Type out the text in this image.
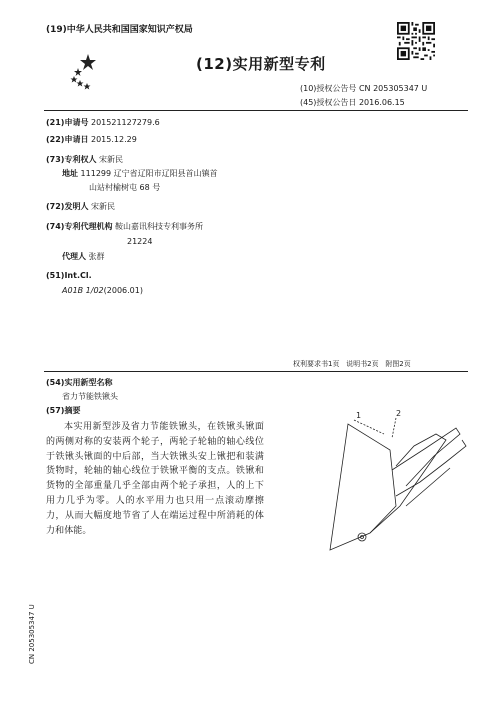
(19)中华人民共和国国家知识产权局
(12)实用新型专利
(10)授权公告号 CN 205305347 U
(45)授权公告日 2016.06.15
(21)申请号 201521127279.6
(22)申请日 2015.12.29
(73)专利权人 宋新民
地址 111299 辽宁省辽阳市辽阳县首山镇首
山站村榆树屯 68 号
(72)发明人 宋新民
(74)专利代理机构 鞍山嘉讯科技专利事务所
21224
代理人 张群
(51)Int.Cl.
A01B 1/02(2006.01)
权利要求书1页 说明书2页 附图2页
(54)实用新型名称
省力节能铁锹头
(57)摘要
本实用新型涉及省力节能铁锹头，在铁锹头锹面的两侧对称的安装两个轮子，两轮子轮轴的轴心线位于铁锹头锹面的中后部，当大铁锹头安上锹把和装满货物时，轮轴的轴心线位于铁锹平衡的支点。铁锹和货物的全部重量几乎全部由两个轮子承担，人的上下用力几乎为零。人的水平用力也只用一点滚动摩擦力，从而大幅度地节省了人在端运过程中所消耗的体力和体能。
1	2
CN 205305347 U
